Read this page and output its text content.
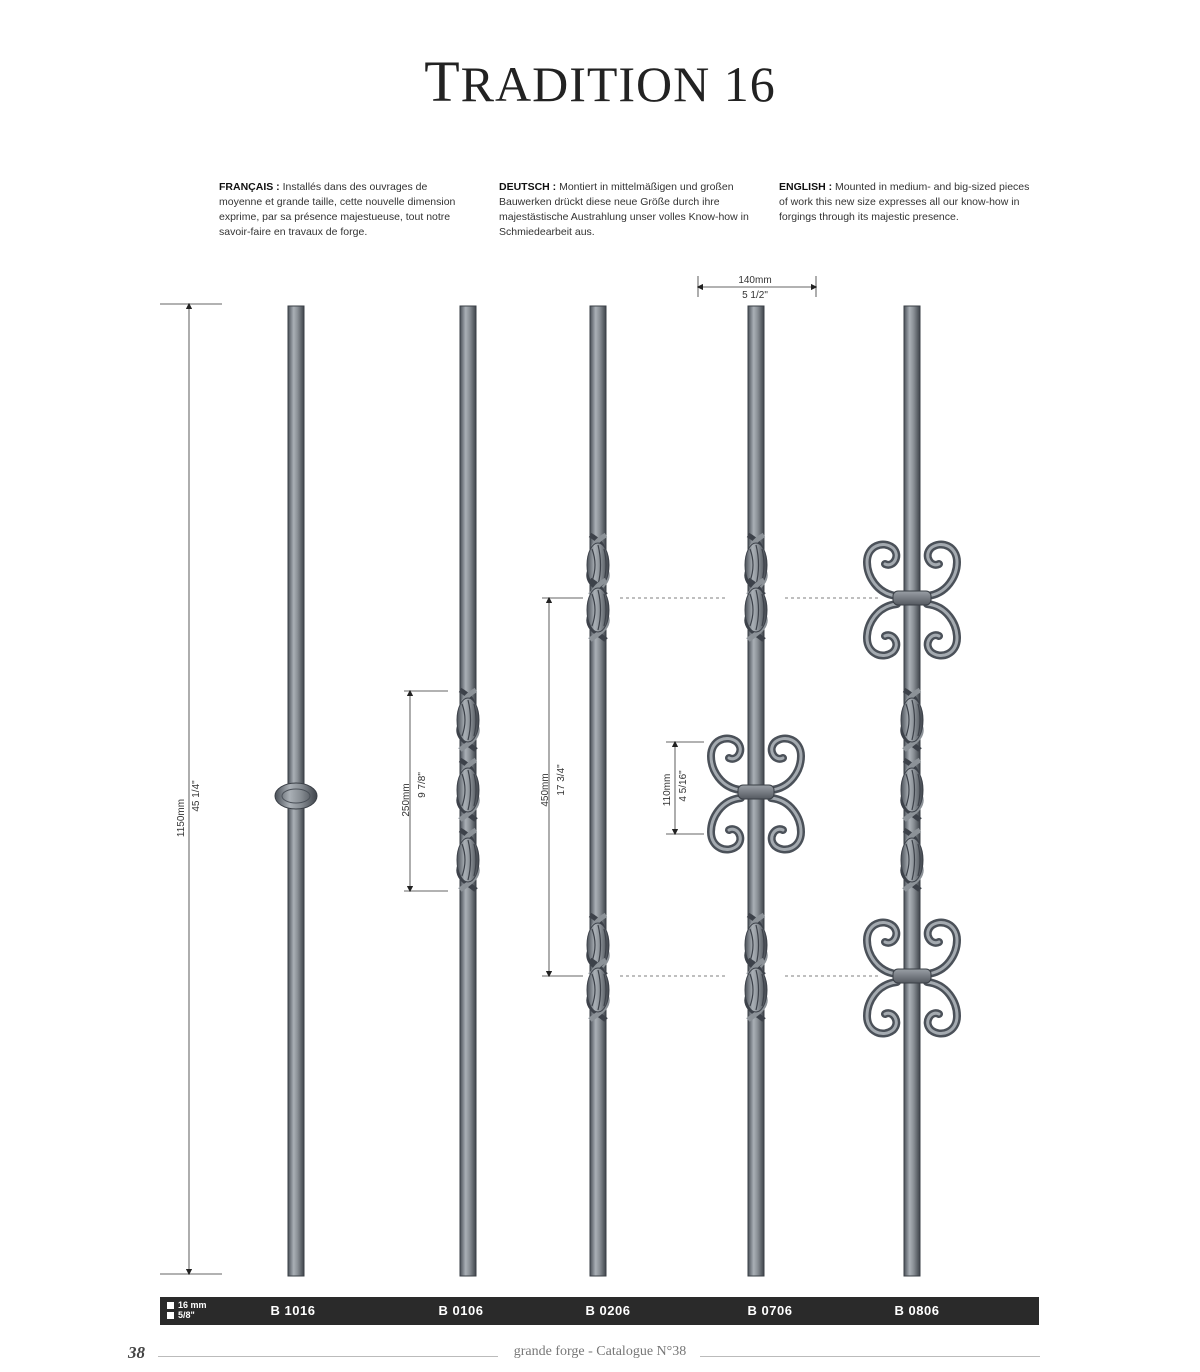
TRADITION 16
FRANÇAIS : Installés dans des ouvrages de moyenne et grande taille, cette nouvelle dimension exprime, par sa présence majestueuse, tout notre savoir-faire en travaux de forge.
DEUTSCH : Montiert in mittelmäßigen und großen Bauwerken drückt diese neue Größe durch ihre majestästische Austrahlung unser volles Know-how in Schmiedearbeit aus.
ENGLISH : Mounted in medium- and big-sized pieces of work this new size expresses all our know-how in forgings through its majestic presence.
1150mm
45 1/4"	250mm 9 7/8"	450mm 17 3/4"	110mm 4 5/16"
140mm
5 1/2"
16 mm
5/8"	B 1016	B 0106	B 0206	B 0706	B 0806
38	grande forge - Catalogue N°38
